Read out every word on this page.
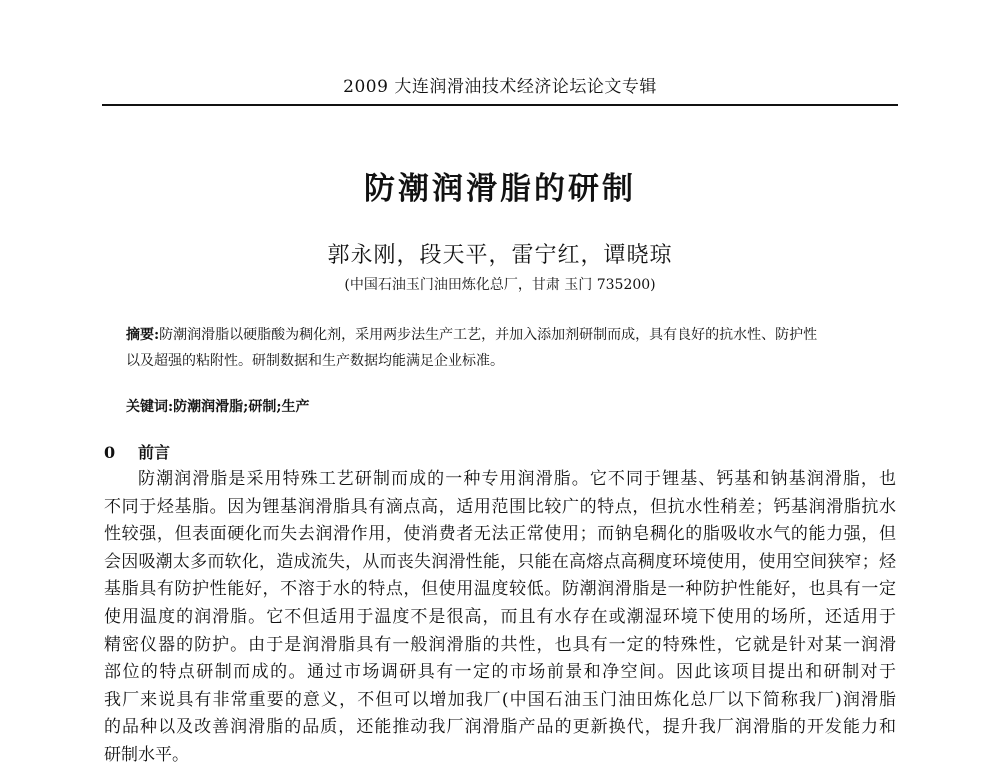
2009 大连润滑油技术经济论坛论文专辑
防潮润滑脂的研制
郭永刚，段天平，雷宁红，谭晓琼
(中国石油玉门油田炼化总厂，甘肃 玉门 735200)
摘要:防潮润滑脂以硬脂酸为稠化剂，采用两步法生产工艺，并加入添加剂研制而成，具有良好的抗水性、防护性
以及超强的粘附性。研制数据和生产数据均能满足企业标准。
关键词:防潮润滑脂;研制;生产
0 前言
防潮润滑脂是采用特殊工艺研制而成的一种专用润滑脂。它不同于锂基、钙基和钠基润滑脂，也
不同于烃基脂。因为锂基润滑脂具有滴点高，适用范围比较广的特点，但抗水性稍差；钙基润滑脂抗水
性较强，但表面硬化而失去润滑作用，使消费者无法正常使用；而钠皂稠化的脂吸收水气的能力强，但
会因吸潮太多而软化，造成流失，从而丧失润滑性能，只能在高熔点高稠度环境使用，使用空间狭窄；烃
基脂具有防护性能好，不溶于水的特点，但使用温度较低。防潮润滑脂是一种防护性能好，也具有一定
使用温度的润滑脂。它不但适用于温度不是很高，而且有水存在或潮湿环境下使用的场所，还适用于
精密仪器的防护。由于是润滑脂具有一般润滑脂的共性，也具有一定的特殊性，它就是针对某一润滑
部位的特点研制而成的。通过市场调研具有一定的市场前景和净空间。因此该项目提出和研制对于
我厂来说具有非常重要的意义，不但可以增加我厂(中国石油玉门油田炼化总厂以下简称我厂)润滑脂
的品种以及改善润滑脂的品质，还能推动我厂润滑脂产品的更新换代，提升我厂润滑脂的开发能力和
研制水平。
